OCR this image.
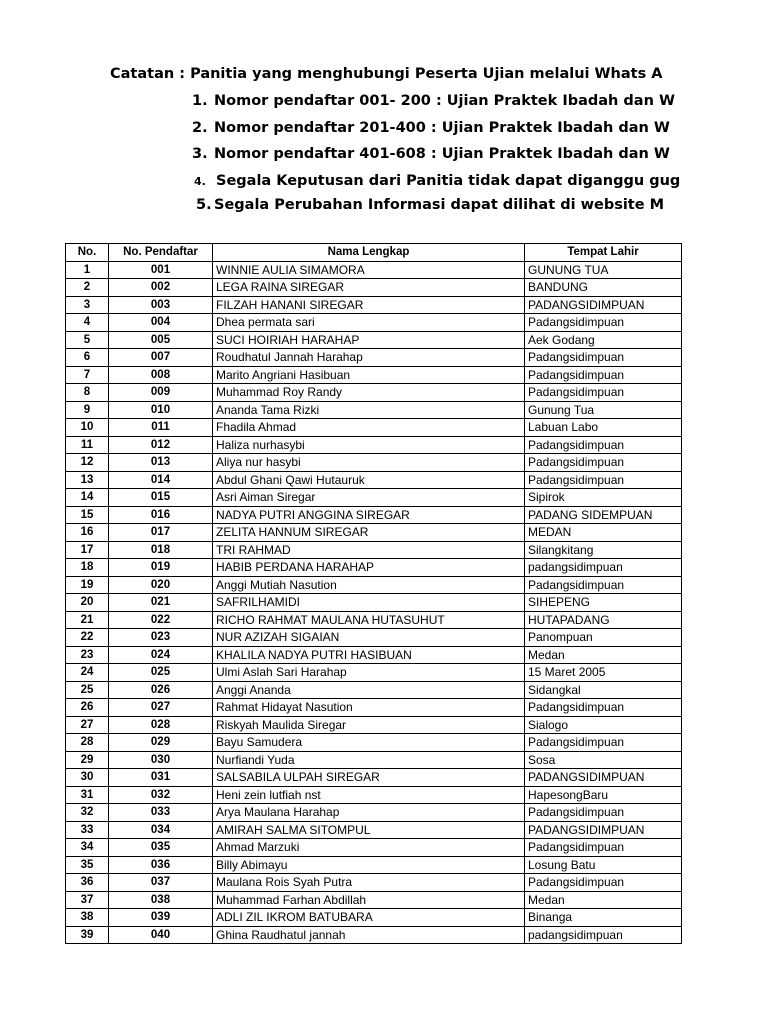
Catatan : Panitia yang menghubungi Peserta Ujian melalui Whats A
1. Nomor pendaftar 001- 200 : Ujian Praktek Ibadah dan W
2. Nomor pendaftar 201-400 : Ujian Praktek Ibadah dan W
3. Nomor pendaftar 401-608 : Ujian Praktek Ibadah dan W
4. Segala Keputusan dari Panitia tidak dapat diganggu gug
5. Segala Perubahan Informasi dapat dilihat di website M
No.	No. Pendaftar	Nama Lengkap	Tempat Lahir
1	001	WINNIE AULIA SIMAMORA	GUNUNG TUA
2	002	LEGA RAINA SIREGAR	BANDUNG
3	003	FILZAH HANANI SIREGAR	PADANGSIDIMPUAN
4	004	Dhea permata sari	Padangsidimpuan
5	005	SUCI HOIRIAH HARAHAP	Aek Godang
6	007	Roudhatul Jannah Harahap	Padangsidimpuan
7	008	Marito Angriani Hasibuan	Padangsidimpuan
8	009	Muhammad Roy Randy	Padangsidimpuan
9	010	Ananda Tama Rizki	Gunung Tua
10	011	Fhadila Ahmad	Labuan Labo
11	012	Haliza nurhasybi	Padangsidimpuan
12	013	Aliya nur hasybi	Padangsidimpuan
13	014	Abdul Ghani Qawi Hutauruk	Padangsidimpuan
14	015	Asri Aiman Siregar	Sipirok
15	016	NADYA PUTRI ANGGINA SIREGAR	PADANG SIDEMPUAN
16	017	ZELITA HANNUM SIREGAR	MEDAN
17	018	TRI RAHMAD	Silangkitang
18	019	HABIB PERDANA HARAHAP	padangsidimpuan
19	020	Anggi Mutiah Nasution	Padangsidimpuan
20	021	SAFRILHAMIDI	SIHEPENG
21	022	RICHO RAHMAT MAULANA HUTASUHUT	HUTAPADANG
22	023	NUR AZIZAH SIGAIAN	Panompuan
23	024	KHALILA NADYA PUTRI HASIBUAN	Medan
24	025	Ulmi Aslah Sari Harahap	15 Maret 2005
25	026	Anggi Ananda	Sidangkal
26	027	Rahmat Hidayat Nasution	Padangsidimpuan
27	028	Riskyah Maulida Siregar	Sialogo
28	029	Bayu Samudera	Padangsidimpuan
29	030	Nurfiandi Yuda	Sosa
30	031	SALSABILA ULPAH SIREGAR	PADANGSIDIMPUAN
31	032	Heni zein lutfiah nst	HapesongBaru
32	033	Arya Maulana Harahap	Padangsidimpuan
33	034	AMIRAH SALMA SITOMPUL	PADANGSIDIMPUAN
34	035	Ahmad Marzuki	Padangsidimpuan
35	036	Billy Abimayu	Losung Batu
36	037	Maulana Rois Syah Putra	Padangsidimpuan
37	038	Muhammad Farhan Abdillah	Medan
38	039	ADLI ZIL IKROM BATUBARA	Binanga
39	040	Ghina Raudhatul jannah	padangsidimpuan
